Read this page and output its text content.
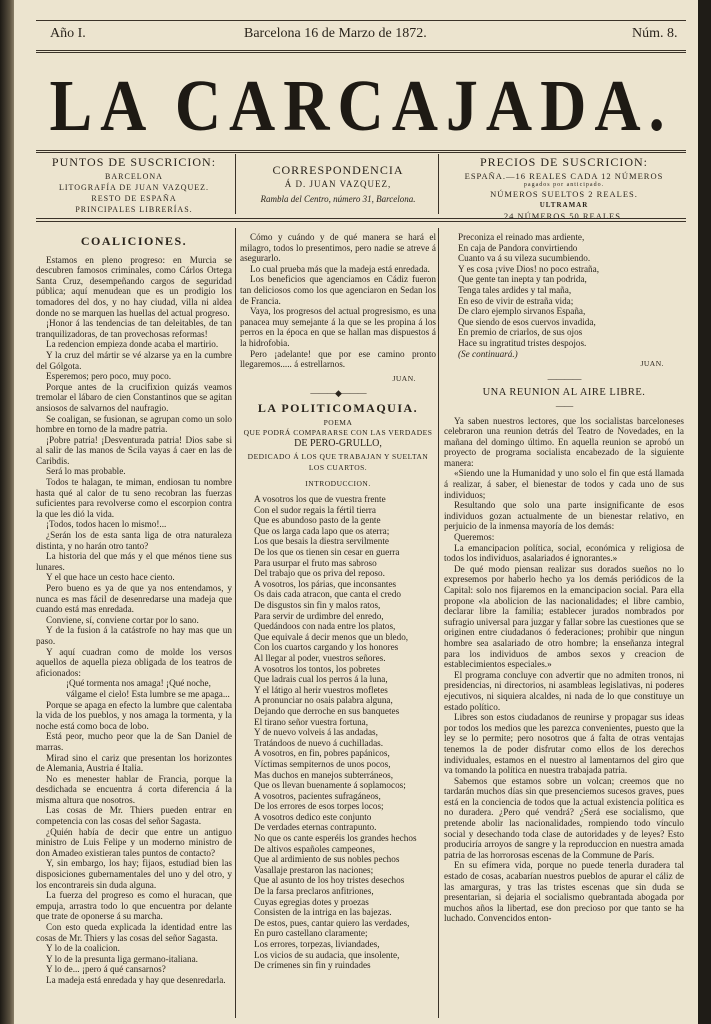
Año I.	Barcelona 16 de Marzo de 1872.	Núm. 8.
LA CARCAJADA.
PUNTOS DE SUSCRICION:
BARCELONA
LITOGRAFÍA DE JUAN VAZQUEZ.
RESTO DE ESPAÑA
PRINCIPALES LIBRERÍAS.
CORRESPONDENCIA
Á D. JUAN VAZQUEZ,
Rambla del Centro, número 31, Barcelona.
PRECIOS DE SUSCRICION:
ESPAÑA.—16 REALES CADA 12 NÚMEROS
pagados por anticipado.
NÚMEROS SUELTOS 2 REALES.
ULTRAMAR
24 NÚMEROS 50 REALES.

COALICIONES.

Estamos en pleno progreso: en Murcia se descubren famosos criminales, como Cárlos Ortega Santa Cruz, desempeñando cargos de seguridad pública; aquí menudean que es un prodigio los tomadores del dos, y no hay ciudad, villa ni aldea donde no se marquen las huellas del actual progreso.

¡Honor á las tendencias de tan deleitables, de tan tranquilizadoras, de tan provechosas reformas!

La redencion empieza donde acaba el martirio.

Y la cruz del mártir se vé alzarse ya en la cumbre del Gólgota.

Esperemos; pero poco, muy poco.

Porque antes de la crucifixion quizás veamos tremolar el lábaro de cien Constantinos que se agitan ansiosos de salvarnos del naufragio.

Se coaligan, se fusionan, se agrupan como un solo hombre en torno de la madre patria.

¡Pobre patria! ¡Desventurada patria! Dios sabe si al salir de las manos de Scila vayas á caer en las de Caribdis.

Será lo mas probable.

Todos te halagan, te miman, endiosan tu nombre hasta qué al calor de tu seno recobran las fuerzas suficientes para revolverse como el escorpion contra la que les dió la vida.

¡Todos, todos hacen lo mismo!...

¿Serán los de esta santa liga de otra naturaleza distinta, y no harán otro tanto?

La historia del que más y el que ménos tiene sus lunares.

Y el que hace un cesto hace ciento.

Pero bueno es ya de que ya nos entendamos, y nunca es mas fácil de desenredarse una madeja que cuando está mas enredada.

Conviene, sí, conviene cortar por lo sano.

Y de la fusion á la catástrofe no hay mas que un paso.

Y aquí cuadran como de molde los versos aquellos de aquella pieza obligada de los teatros de aficionados:

¡Qué tormenta nos amaga! ¡Qué noche, válgame el cielo! Esta lumbre se me apaga...

Porque se apaga en efecto la lumbre que calentaba la vida de los pueblos, y nos amaga la tormenta, y la noche está como boca de lobo.

Está peor, mucho peor que la de San Daniel de marras.

Mirad sino el cariz que presentan los horizontes de Alemania, Austria é Italia.

No es menester hablar de Francia, porque la desdichada se encuentra á corta diferencia á la misma altura que nosotros.

Las cosas de Mr. Thiers pueden entrar en competencia con las cosas del señor Sagasta.

¿Quién había de decir que entre un antiguo ministro de Luis Felipe y un moderno ministro de don Amadeo existieran tales puntos de contacto?

Y, sin embargo, los hay; fijaos, estudiad bien las disposiciones gubernamentales del uno y del otro, y los encontrareis sin duda alguna.

La fuerza del progreso es como el huracan, que empuja, arrastra todo lo que encuentra por delante que trate de oponerse á su marcha.

Con esto queda explicada la identidad entre las cosas de Mr. Thiers y las cosas del señor Sagasta.

Y lo de la coalicion.

Y lo de la presunta liga germano-italiana.

Y lo de... ¡pero á qué cansarnos?

La madeja está enredada y hay que desenredarla.

Cómo y cuándo y de qué manera se hará el milagro, todos lo presentimos, pero nadie se atreve á asegurarlo.

Lo cual prueba más que la madeja está enredada.

Los beneficios que agenciamos en Cádiz fueron tan deliciosos como los que agenciaron en Sedan los de Francia.

Vaya, los progresos del actual progresismo, es una panacea muy semejante á la que se les propina á los perros en la época en que se hallan mas dispuestos á la hidrofobia.

Pero ¡adelante! que por ese camino pronto llegaremos..... á estrellarnos.

JUAN.

———◆———

LA POLITICOMAQUIA.

POEMA

QUE PODRÁ COMPARARSE CON LAS VERDADES

DE PERO-GRULLO,

DEDICADO Á LOS QUE TRABAJAN Y SUELTAN LOS CUARTOS.

INTRODUCCION.

A vosotros los que de vuestra frente

Con el sudor regais la fértil tierra

Que es abundoso pasto de la gente

Que os larga cada lapo que os aterra;

Los que besais la diestra servilmente

De los que os tienen sin cesar en guerra

Para usurpar el fruto mas sabroso

Del trabajo que os priva del reposo.

A vosotros, los párias, que inconsantes

Os dais cada atracon, que canta el credo

De disgustos sin fin y malos ratos,

Para servir de urdimbre del enredo,

Quedándoos con nada entre los platos,

Que equivale á decir menos que un bledo,

Con los cuartos cargando y los honores

Al llegar al poder, vuestros señores.

A vosotros los tontos, los pobretes

Que ladrais cual los perros á la luna,

Y el látigo al herir vuestros mofletes

A pronunciar no osais palabra alguna,

Dejando que derroche en sus banquetes

El tirano señor vuestra fortuna,

Y de nuevo volveis á las andadas,

Tratándoos de nuevo á cuchilladas.

A vosotros, en fin, pobres papánicos,

Víctimas sempiternos de unos pocos,

Mas duchos en manejos subterráneos,

Que os llevan buenamente á soplamocos;

A vosotros, pacientes sufragáneos,

De los errores de esos torpes locos;

A vosotros dedico este conjunto

De verdades eternas contrapunto.

No que os cante esperéis los grandes hechos

De altivos españoles campeones,

Que al ardimiento de sus nobles pechos

Vasallaje prestaron las naciones;

Que al asunto de los hoy tristes desechos

De la farsa preclaros anfitriones,

Cuyas egregias dotes y proezas

Consisten de la intriga en las bajezas.

De estos, pues, cantar quiero las verdades,

En puro castellano claramente;

Los errores, torpezas, liviandades,

Los vicios de su audacia, que insolente,

De crímenes sin fin y ruindades

Preconiza el reinado mas ardiente,

En caja de Pandora convirtiendo

Cuanto va á su vileza sucumbiendo.

Y es cosa ¡vive Dios! no poco estraña,

Que gente tan inepta y tan podrida,

Tenga tales ardides y tal maña,

En eso de vivir de estraña vida;

De claro ejemplo sirvanos España,

Que siendo de esos cuervos invadida,

En premio de criarlos, de sus ojos

Hace su ingratitud tristes despojos.

(Se continuará.)

JUAN.

————

UNA REUNION AL AIRE LIBRE.

——

Ya saben nuestros lectores, que los socialistas barceloneses celebraron una reunion detrás del Teatro de Novedades, en la mañana del domingo último. En aquella reunion se aprobó un proyecto de programa socialista encabezado de la siguiente manera:

«Siendo une la Humanidad y uno solo el fin que está llamada á realizar, á saber, el bienestar de todos y cada uno de sus individuos;

Resultando que solo una parte insignificante de esos individuos gozan actualmente de un bienestar relativo, en perjuicio de la inmensa mayoría de los demás:

Queremos:

La emancipacion política, social, económica y religiosa de todos los individuos, asalariados é ignorantes.»

De qué modo piensan realizar sus dorados sueños no lo expresemos por haberlo hecho ya los demás periódicos de la Capital: solo nos fijaremos en la emancipacion social. Para ella propone «la abolicion de las nacionalidades; el libre cambio, declarar libre la familia; establecer jurados nombrados por sufragio universal para juzgar y fallar sobre las cuestiones que se originen entre ciudadanos ó federaciones; prohibir que ningun hombre sea asalariado de otro hombre; la enseñanza integral para los individuos de ambos sexos y creacion de establecimientos especiales.»

El programa concluye con advertir que no admiten tronos, ni presidencias, ni directorios, ni asambleas legislativas, ni poderes ejecutivos, ni siquiera alcaldes, ni nada de lo que constituye un estado político.

Libres son estos ciudadanos de reunirse y propagar sus ideas por todos los medios que les parezca convenientes, puesto que la ley se lo permite; pero nosotros que á falta de otras ventajas tenemos la de poder disfrutar como ellos de los derechos individuales, estamos en el nuestro al lamentarnos del giro que va tomando la política en nuestra trabajada patria.

Sabemos que estamos sobre un volcan; creemos que no tardarán muchos días sin que presenciemos sucesos graves, pues está en la conciencia de todos que la actual existencia política es no duradera. ¿Pero qué vendrá? ¿Será ese socialismo, que pretende abolir las nacionalidades, rompiendo todo vínculo social y desechando toda clase de autoridades y de leyes? Esto produciría arroyos de sangre y la reproduccion en nuestra amada patria de las horrorosas escenas de la Commune de París.

En su efímera vida, porque no puede tenerla duradera tal estado de cosas, acabarían nuestros pueblos de apurar el cáliz de las amarguras, y tras las tristes escenas que sin duda se presentarian, si dejaria el socialismo quebrantada abogada por muchos años la libertad, ese don precioso por que tanto se ha luchado. Convencidos enton-
